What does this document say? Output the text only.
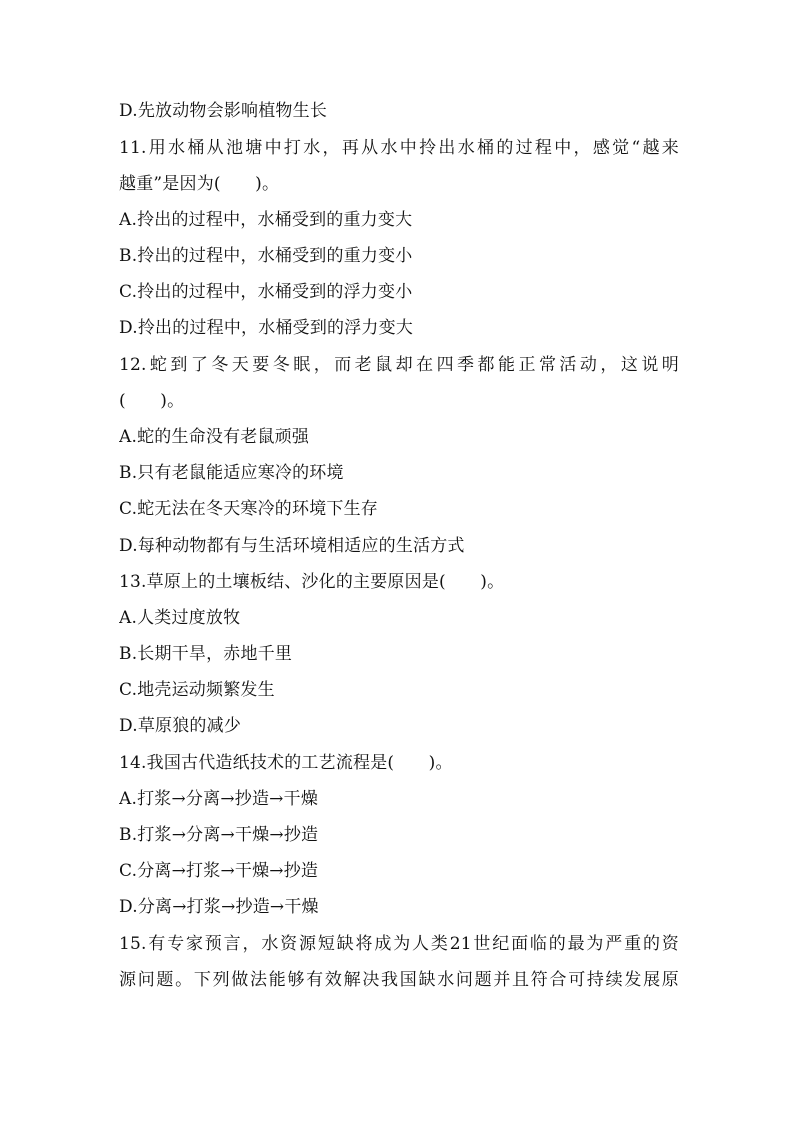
D.先放动物会影响植物生长
11.用水桶从池塘中打水，再从水中拎出水桶的过程中，感觉“越来
越重”是因为(　　)。
A.拎出的过程中，水桶受到的重力变大
B.拎出的过程中，水桶受到的重力变小
C.拎出的过程中，水桶受到的浮力变小
D.拎出的过程中，水桶受到的浮力变大
12.蛇到了冬天要冬眠，而老鼠却在四季都能正常活动，这说明
(　　)。
A.蛇的生命没有老鼠顽强
B.只有老鼠能适应寒冷的环境
C.蛇无法在冬天寒冷的环境下生存
D.每种动物都有与生活环境相适应的生活方式
13.草原上的土壤板结、沙化的主要原因是(　　)。
A.人类过度放牧
B.长期干旱，赤地千里
C.地壳运动频繁发生
D.草原狼的减少
14.我国古代造纸技术的工艺流程是(　　)。
A.打浆→分离→抄造→干燥
B.打浆→分离→干燥→抄造
C.分离→打浆→干燥→抄造
D.分离→打浆→抄造→干燥
15.有专家预言，水资源短缺将成为人类21世纪面临的最为严重的资
源问题。下列做法能够有效解决我国缺水问题并且符合可持续发展原
